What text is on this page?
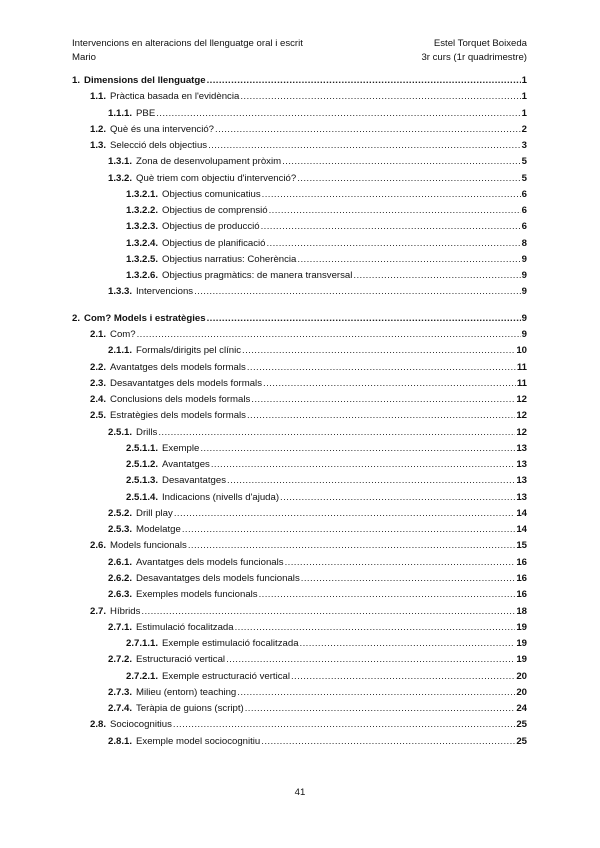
Intervencions en alteracions del llenguatge oral i escrit	Estel Torquet Boixeda
Mario	3r curs (1r quadrimestre)
1. Dimensions del llenguatge .....	1
1.1. Pràctica basada en l'evidència .....	1
1.1.1. PBE .....	1
1.2. Què és una intervenció? .....	2
1.3. Selecció dels objectius .....	3
1.3.1. Zona de desenvolupament pròxim .....	5
1.3.2. Què triem com objectiu d'intervenció? .....	5
1.3.2.1. Objectius comunicatius .....	6
1.3.2.2. Objectius de comprensió .....	6
1.3.2.3. Objectius de producció .....	6
1.3.2.4. Objectius de planificació .....	8
1.3.2.5. Objectius narratius: Coherència .....	9
1.3.2.6. Objectius pragmàtics: de manera transversal .....	9
1.3.3. Intervencions .....	9
2. Com? Models i estratègies .....	9
2.1. Com? .....	9
2.1.1. Formals/dirigits pel clínic .....	10
2.2. Avantatges dels models formals .....	11
2.3. Desavantatges dels models formals .....	11
2.4. Conclusions dels models formals .....	12
2.5. Estratègies dels models formals .....	12
2.5.1. Drills .....	12
2.5.1.1. Exemple .....	13
2.5.1.2. Avantatges .....	13
2.5.1.3. Desavantatges .....	13
2.5.1.4. Indicacions (nivells d'ajuda) .....	13
2.5.2. Drill play .....	14
2.5.3. Modelatge .....	14
2.6. Models funcionals .....	15
2.6.1. Avantatges dels models funcionals .....	16
2.6.2. Desavantatges dels models funcionals .....	16
2.6.3. Exemples models funcionals .....	16
2.7. Híbrids .....	18
2.7.1. Estimulació focalitzada .....	19
2.7.1.1. Exemple estimulació focalitzada .....	19
2.7.2. Estructuració vertical .....	19
2.7.2.1. Exemple estructuració vertical .....	20
2.7.3. Milieu (entorn) teaching .....	20
2.7.4. Teràpia de guions (script) .....	24
2.8. Sociocognitius .....	25
2.8.1. Exemple model sociocognitiu .....	25
41
